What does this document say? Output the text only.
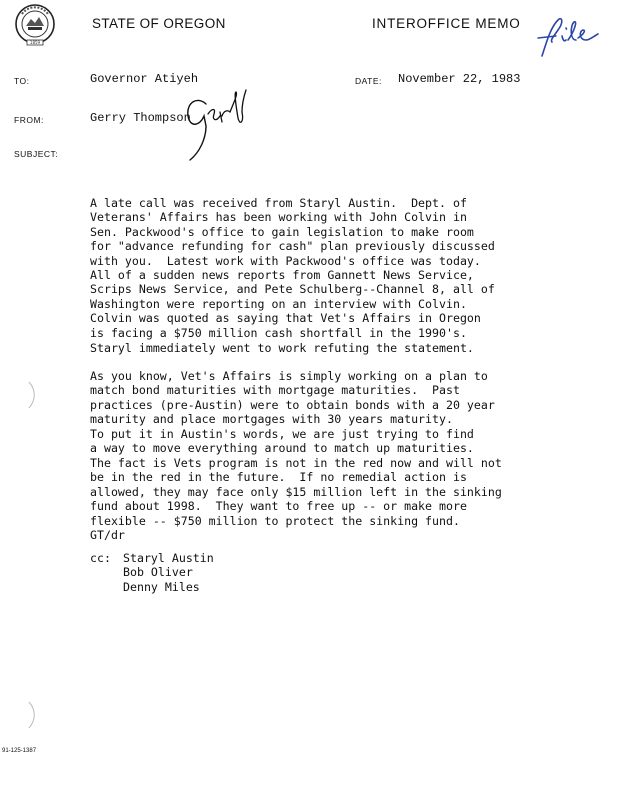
1859
STATE OF OREGON	INTEROFFICE MEMO
TO:	Governor Atiyeh	DATE: November 22, 1983
FROM:	Gerry Thompson
SUBJECT:
A late call was received from Staryl Austin.  Dept. of
Veterans' Affairs has been working with John Colvin in
Sen. Packwood's office to gain legislation to make room
for "advance refunding for cash" plan previously discussed
with you.  Latest work with Packwood's office was today.
All of a sudden news reports from Gannett News Service,
Scrips News Service, and Pete Schulberg--Channel 8, all of
Washington were reporting on an interview with Colvin.
Colvin was quoted as saying that Vet's Affairs in Oregon
is facing a $750 million cash shortfall in the 1990's.
Staryl immediately went to work refuting the statement.
As you know, Vet's Affairs is simply working on a plan to
match bond maturities with mortgage maturities.  Past
practices (pre-Austin) were to obtain bonds with a 20 year
maturity and place mortgages with 30 years maturity.
To put it in Austin's words, we are just trying to find
a way to move everything around to match up maturities.
The fact is Vets program is not in the red now and will not
be in the red in the future.  If no remedial action is
allowed, they may face only $15 million left in the sinking
fund about 1998.  They want to free up -- or make more
flexible -- $750 million to protect the sinking fund.
GT/dr
cc: Staryl Austin
Bob Oliver
Denny Miles
91-125-1387
